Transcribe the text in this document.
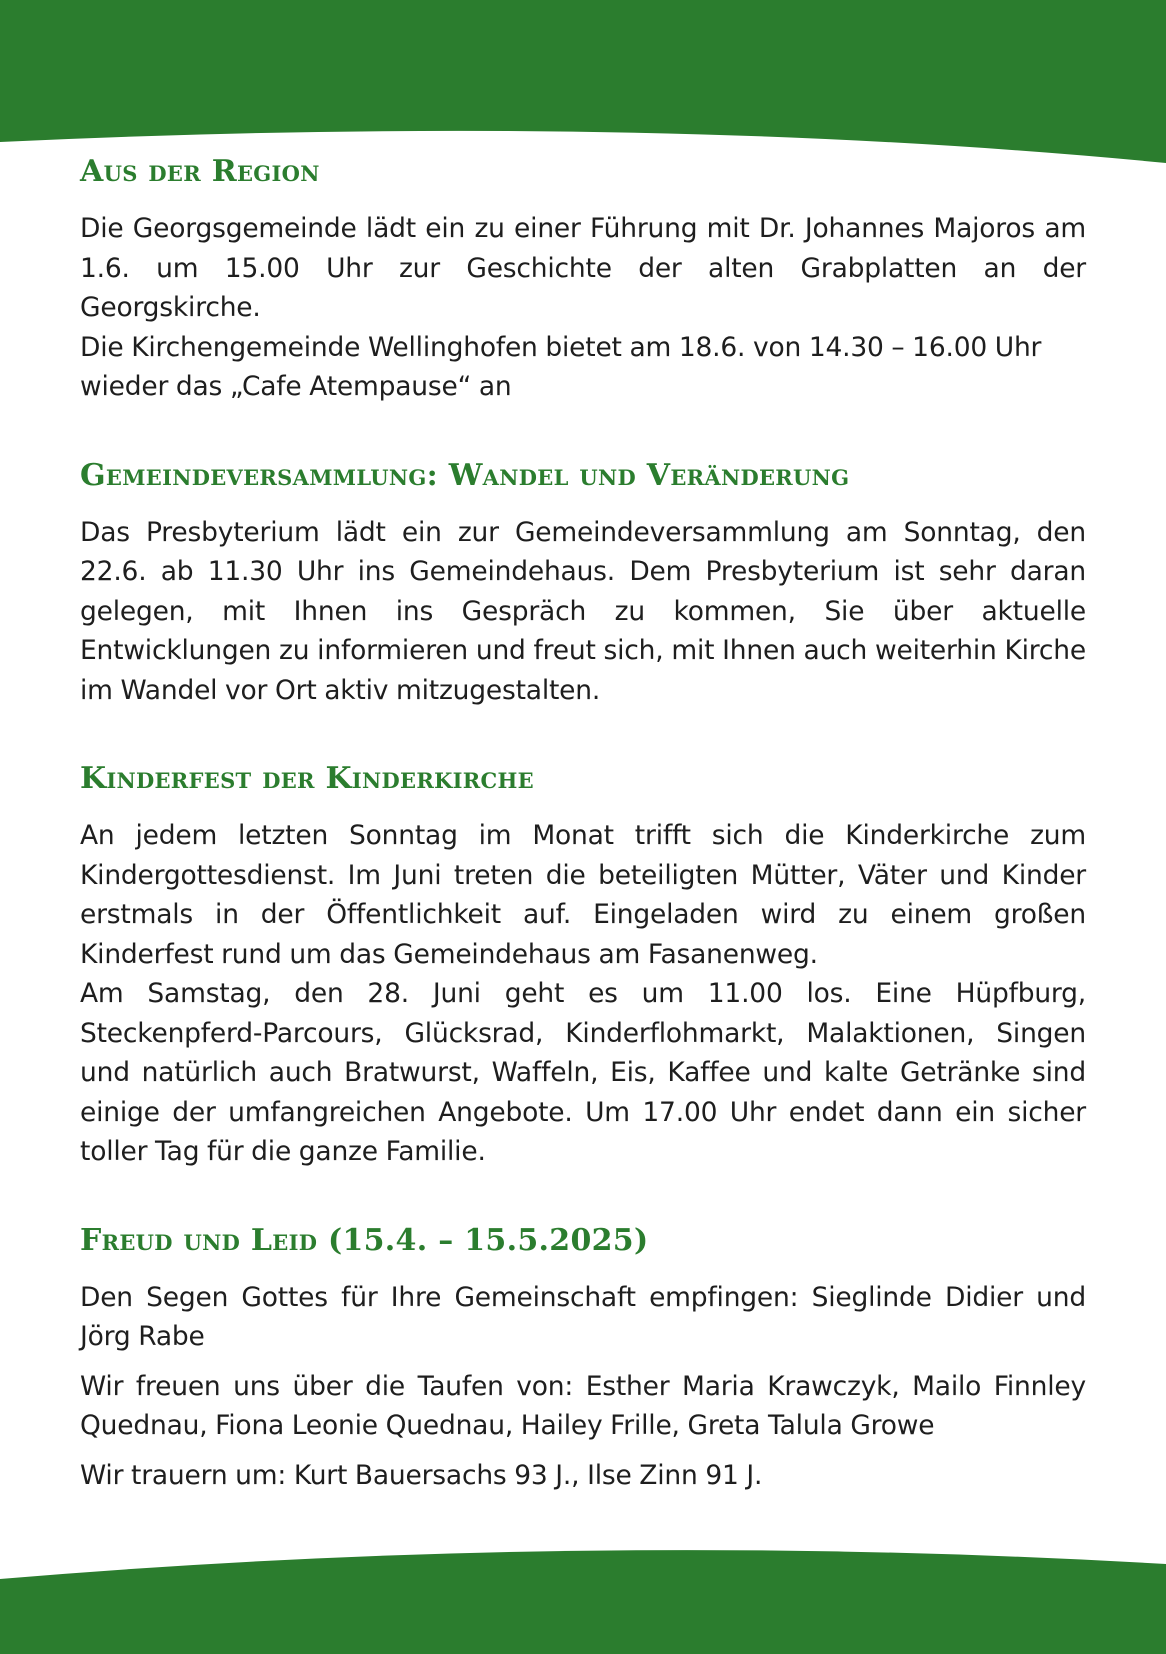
Aus der Region

Die Georgsgemeinde lädt ein zu einer Führung mit Dr. Johannes Majoros am 1.6. um 15.00 Uhr zur Geschichte der alten Grabplatten an der Georgskirche.

Die Kirchengemeinde Wellinghofen bietet am 18.6. von 14.30 – 16.00 Uhr wieder das „Cafe Atempause“ an

Gemeindeversammlung: Wandel und Veränderung

Das Presbyterium lädt ein zur Gemeindeversammlung am Sonntag, den 22.6. ab 11.30 Uhr ins Gemeindehaus. Dem Presbyterium ist sehr daran gelegen, mit Ihnen ins Gespräch zu kommen, Sie über aktuelle Entwicklungen zu informieren und freut sich, mit Ihnen auch weiterhin Kirche im Wandel vor Ort aktiv mitzugestalten.

Kinderfest der Kinderkirche

An jedem letzten Sonntag im Monat trifft sich die Kinderkirche zum Kindergottesdienst. Im Juni treten die beteiligten Mütter, Väter und Kinder erstmals in der Öffentlichkeit auf. Eingeladen wird zu einem großen Kinderfest rund um das Gemeindehaus am Fasanenweg.

Am Samstag, den 28. Juni geht es um 11.00 los. Eine Hüpfburg, Steckenpferd-Parcours, Glücksrad, Kinderflohmarkt, Malaktionen, Singen und natürlich auch Bratwurst, Waffeln, Eis, Kaffee und kalte Getränke sind einige der umfangreichen Angebote. Um 17.00 Uhr endet dann ein sicher toller Tag für die ganze Familie.

Freud und Leid (15.4. – 15.5.2025)

Den Segen Gottes für Ihre Gemeinschaft empfingen: Sieglinde Didier und Jörg Rabe

Wir freuen uns über die Taufen von: Esther Maria Krawczyk, Mailo Finnley Quednau, Fiona Leonie Quednau, Hailey Frille, Greta Talula Growe

Wir trauern um: Kurt Bauersachs 93 J., Ilse Zinn 91 J.
